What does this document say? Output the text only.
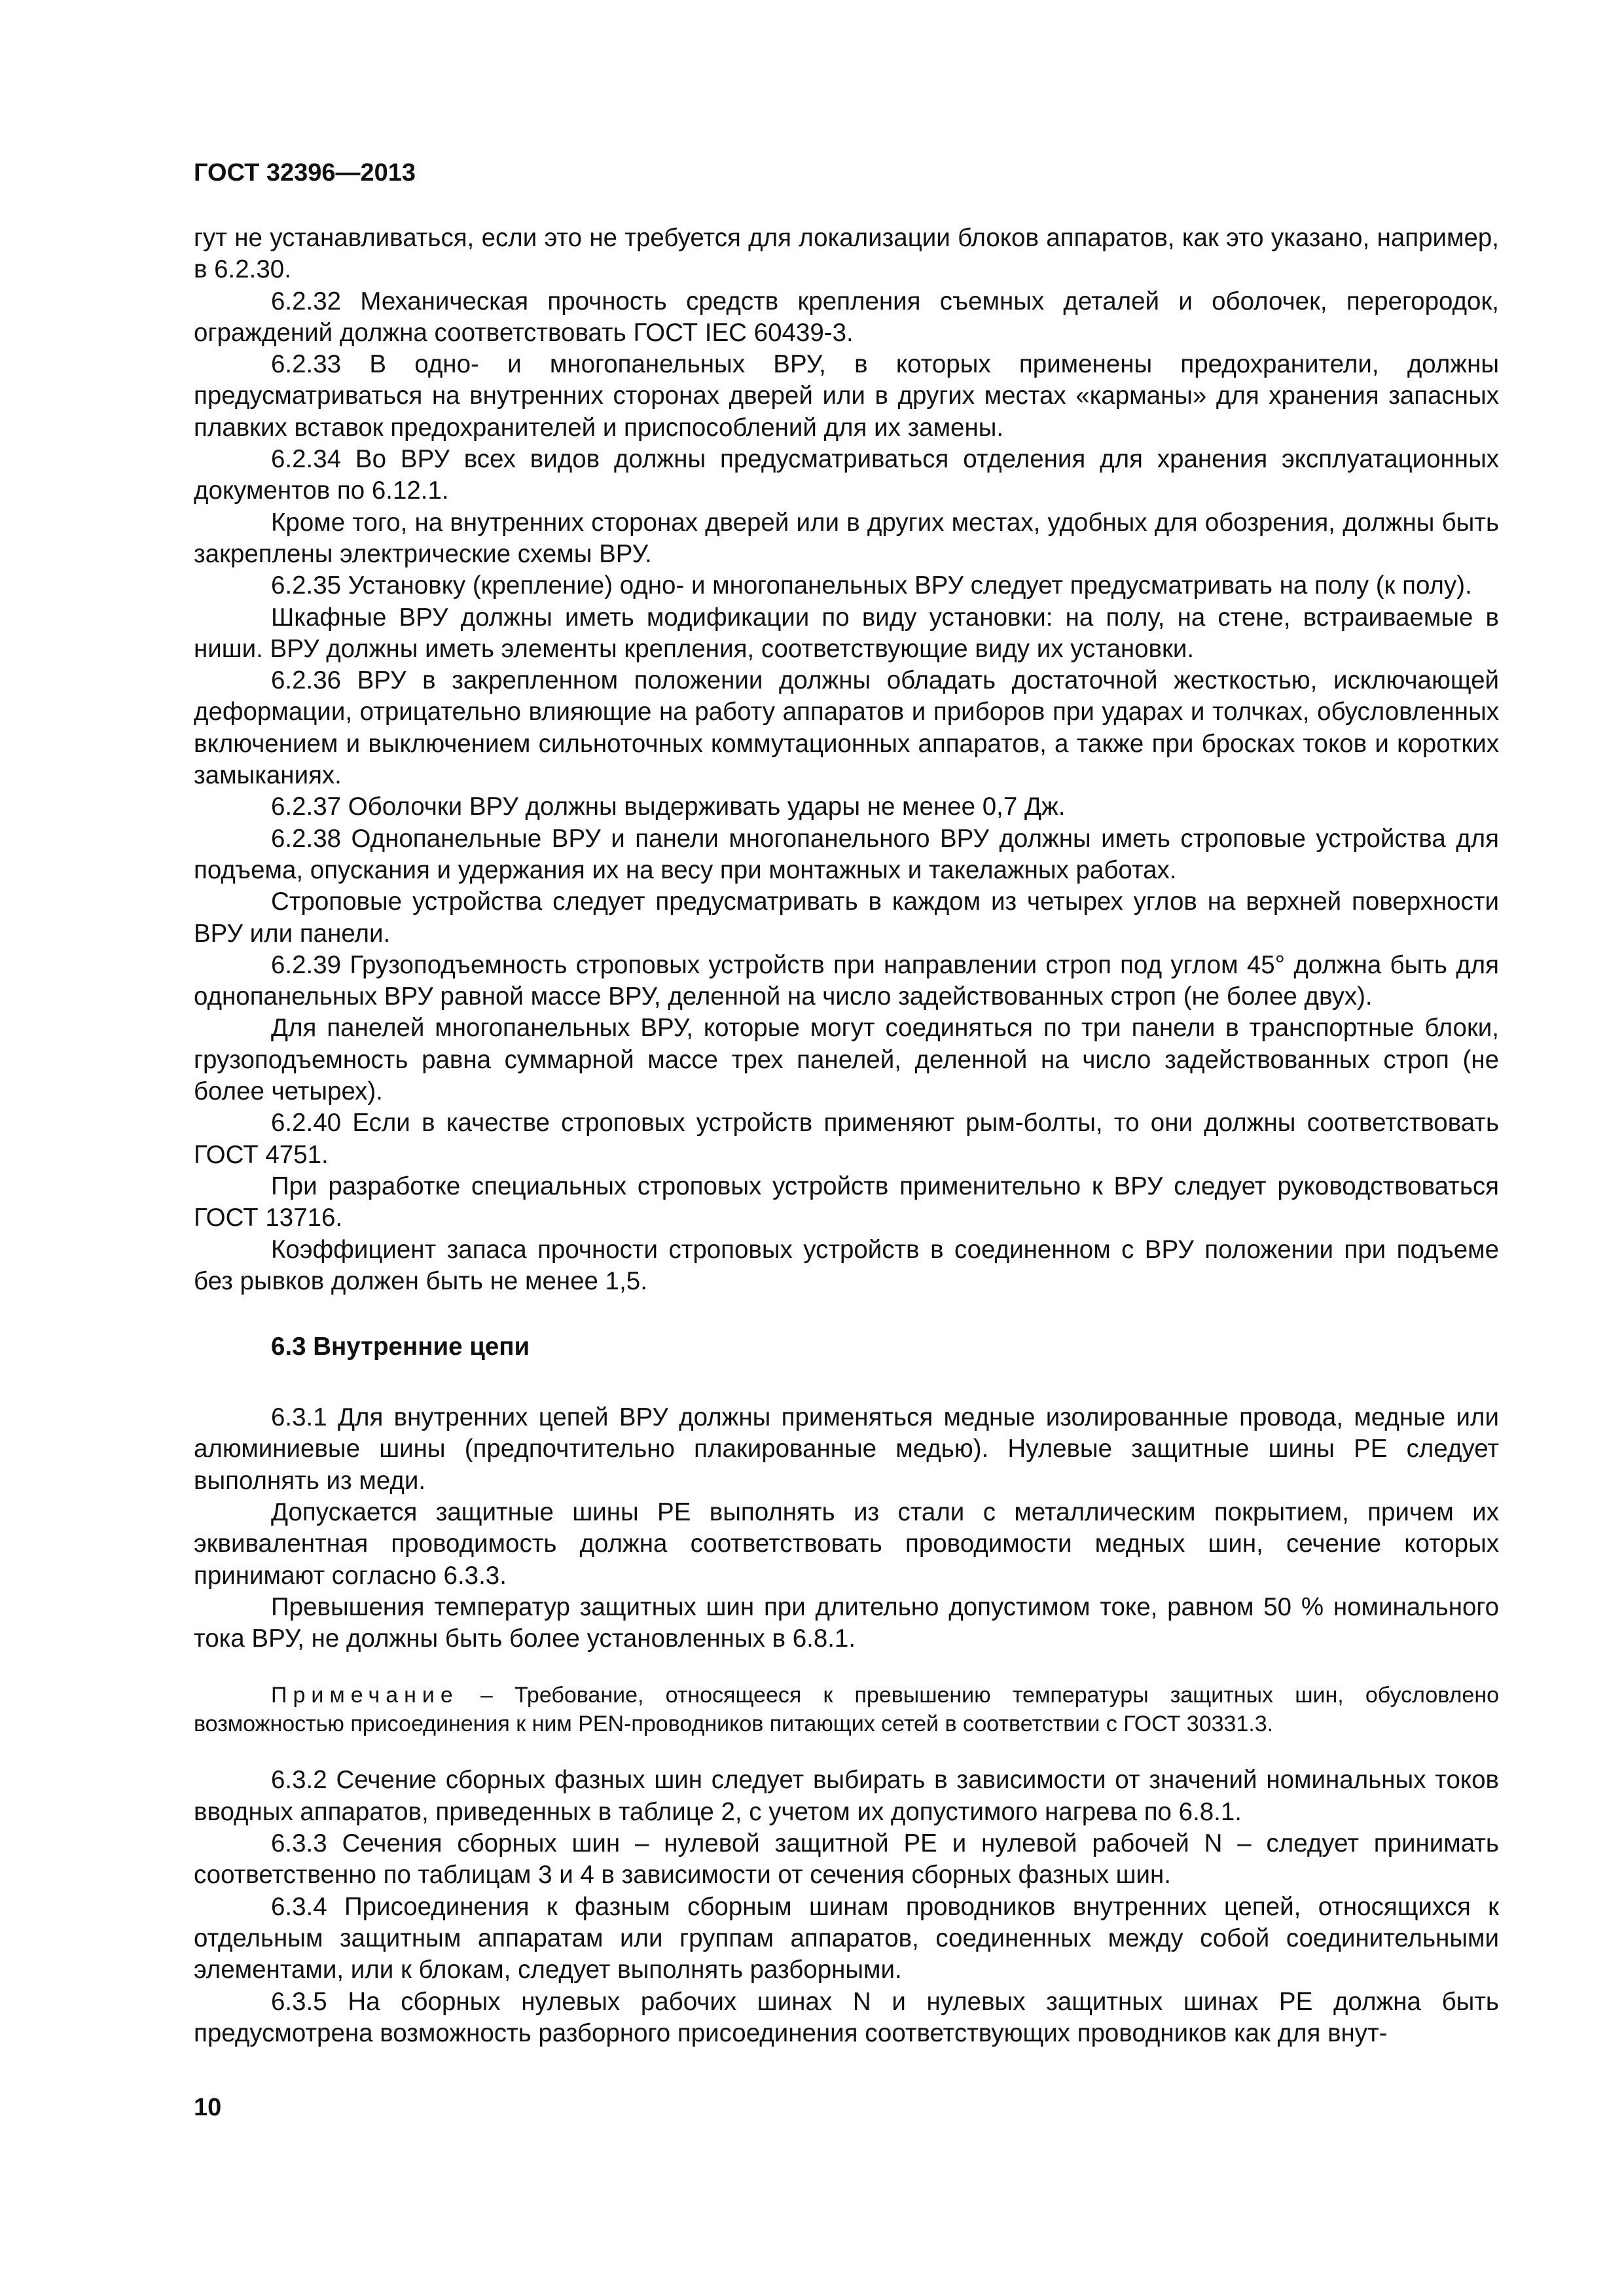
ГОСТ 32396—2013

гут не устанавливаться, если это не требуется для локализации блоков аппаратов, как это указано, например, в 6.2.30.

6.2.32 Механическая прочность средств крепления съемных деталей и оболочек, перегородок, ограждений должна соответствовать ГОСТ IEC 60439-3.

6.2.33 В одно- и многопанельных ВРУ, в которых применены предохранители, должны предусматриваться на внутренних сторонах дверей или в других местах «карманы» для хранения запасных плавких вставок предохранителей и приспособлений для их замены.

6.2.34 Во ВРУ всех видов должны предусматриваться отделения для хранения эксплуатационных документов по 6.12.1.

Кроме того, на внутренних сторонах дверей или в других местах, удобных для обозрения, должны быть закреплены электрические схемы ВРУ.

6.2.35 Установку (крепление) одно- и многопанельных ВРУ следует предусматривать на полу (к полу).

Шкафные ВРУ должны иметь модификации по виду установки: на полу, на стене, встраиваемые в ниши. ВРУ должны иметь элементы крепления, соответствующие виду их установки.

6.2.36 ВРУ в закрепленном положении должны обладать достаточной жесткостью, исключающей деформации, отрицательно влияющие на работу аппаратов и приборов при ударах и толчках, обусловленных включением и выключением сильноточных коммутационных аппаратов, а также при бросках токов и коротких замыканиях.

6.2.37 Оболочки ВРУ должны выдерживать удары не менее 0,7 Дж.

6.2.38 Однопанельные ВРУ и панели многопанельного ВРУ должны иметь строповые устройства для подъема, опускания и удержания их на весу при монтажных и такелажных работах.

Строповые устройства следует предусматривать в каждом из четырех углов на верхней поверхности ВРУ или панели.

6.2.39 Грузоподъемность строповых устройств при направлении строп под углом 45° должна быть для однопанельных ВРУ равной массе ВРУ, деленной на число задействованных строп (не более двух).

Для панелей многопанельных ВРУ, которые могут соединяться по три панели в транспортные блоки, грузоподъемность равна суммарной массе трех панелей, деленной на число задействованных строп (не более четырех).

6.2.40 Если в качестве строповых устройств применяют рым-болты, то они должны соответствовать ГОСТ 4751.

При разработке специальных строповых устройств применительно к ВРУ следует руководствоваться ГОСТ 13716.

Коэффициент запаса прочности строповых устройств в соединенном с ВРУ положении при подъеме без рывков должен быть не менее 1,5.

6.3 Внутренние цепи

6.3.1 Для внутренних цепей ВРУ должны применяться медные изолированные провода, медные или алюминиевые шины (предпочтительно плакированные медью). Нулевые защитные шины PE следует выполнять из меди.

Допускается защитные шины PE выполнять из стали с металлическим покрытием, причем их эквивалентная проводимость должна соответствовать проводимости медных шин, сечение которых принимают согласно 6.3.3.

Превышения температур защитных шин при длительно допустимом токе, равном 50 % номинального тока ВРУ, не должны быть более установленных в 6.8.1.

Примечание – Требование, относящееся к превышению температуры защитных шин, обусловлено возможностью присоединения к ним PEN-проводников питающих сетей в соответствии с ГОСТ 30331.3.

6.3.2 Сечение сборных фазных шин следует выбирать в зависимости от значений номинальных токов вводных аппаратов, приведенных в таблице 2, с учетом их допустимого нагрева по 6.8.1.

6.3.3 Сечения сборных шин – нулевой защитной PE и нулевой рабочей N – следует принимать соответственно по таблицам 3 и 4 в зависимости от сечения сборных фазных шин.

6.3.4 Присоединения к фазным сборным шинам проводников внутренних цепей, относящихся к отдельным защитным аппаратам или группам аппаратов, соединенных между собой соединительными элементами, или к блокам, следует выполнять разборными.

6.3.5 На сборных нулевых рабочих шинах N и нулевых защитных шинах PE должна быть предусмотрена возможность разборного присоединения соответствующих проводников как для внут-

10
